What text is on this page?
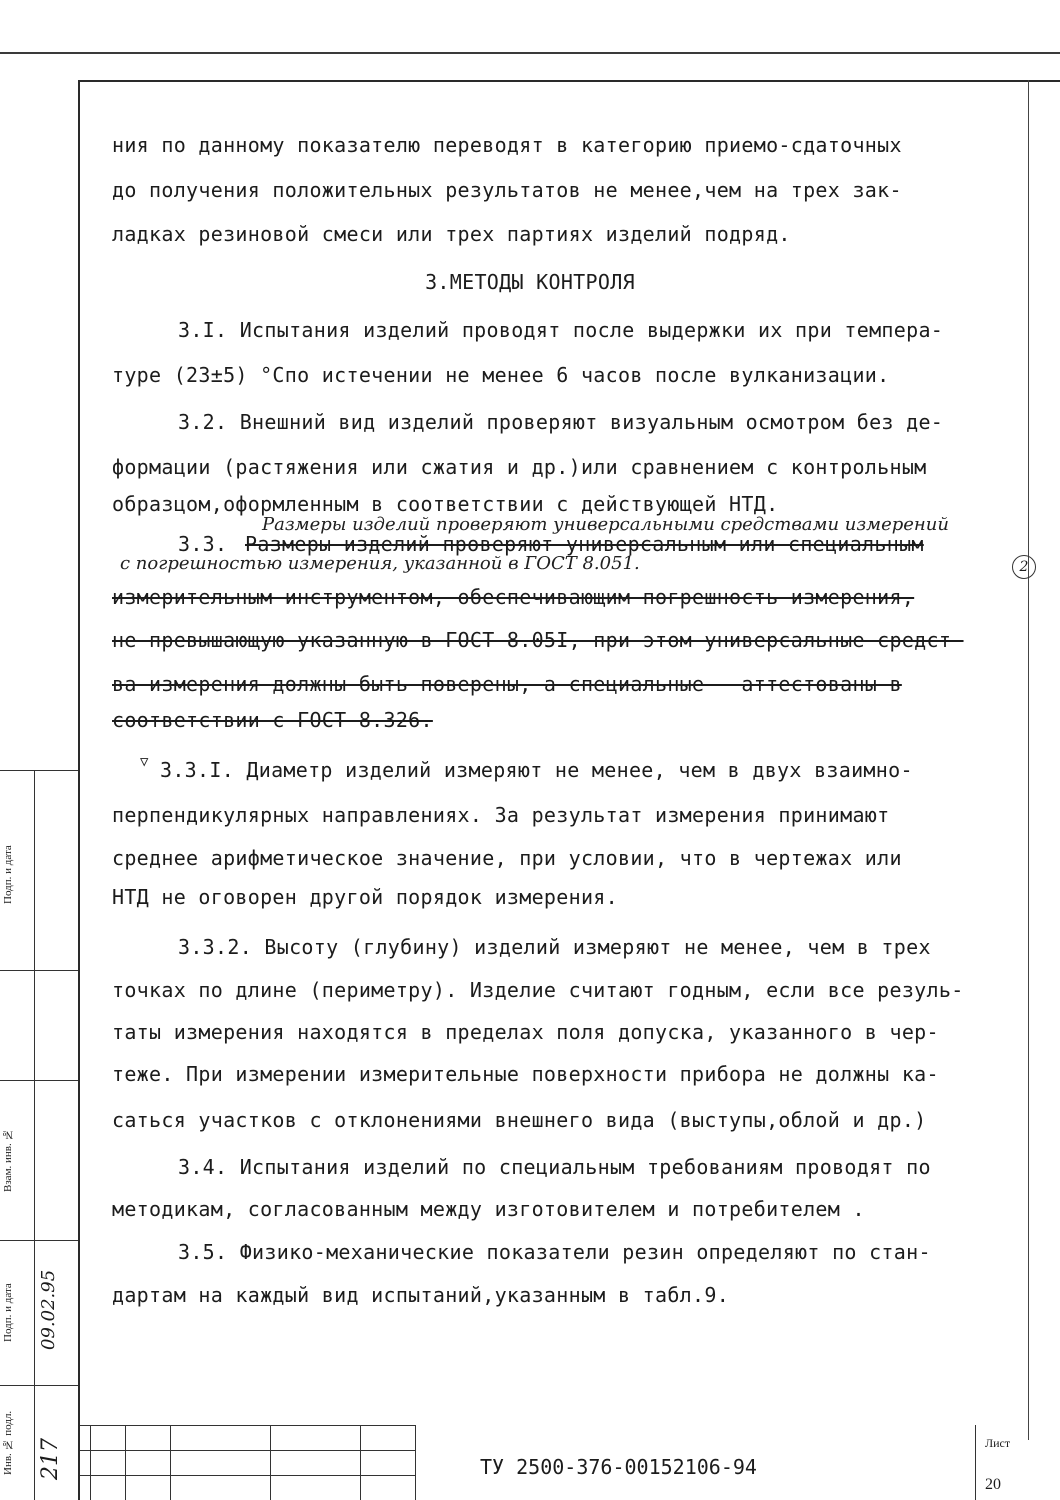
ния по данному показателю переводят в категорию приемо-сдаточных
до получения положительных результатов не менее,чем на трех зак-
ладках резиновой смеси или трех партиях изделий подряд.
3.МЕТОДЫ КОНТРОЛЯ
3.I. Испытания изделий проводят после выдержки их при темпера-
туре (23±5) °Спо истечении не менее 6 часов после вулканизации.
3.2. Внешний вид изделий проверяют визуальным осмотром без де-
формации (растяжения или сжатия и др.)или сравнением с контрольным
образцом,оформленным в соответствии с действующей НТД.
Размеры изделий проверяют универсальными средствами измерений
3.3. Размеры изделий проверяют универсальным или специальным
с погрешностью измерения, указанной в ГОСТ 8.051.	2
измерительным инструментом, обеспечивающим погрешность измерения,
не превышающую указанную в ГОСТ 8.05I, при этом универсальные средст-
ва измерения должны быть поверены, а специальные - аттестованы в
соответствии с ГОСТ 8.326.
▽ 3.3.I. Диаметр изделий измеряют не менее, чем в двух взаимно-
перпендикулярных направлениях. За результат измерения принимают
среднее арифметическое значение, при условии, что в чертежах или
НТД не оговорен другой порядок измерения.
3.3.2. Высоту (глубину) изделий измеряют не менее, чем в трех
точках по длине (периметру). Изделие считают годным, если все резуль-
таты измерения находятся в пределах поля допуска, указанного в чер-
теже. При измерении измерительные поверхности прибора не должны ка-
саться участков с отклонениями внешнего вида (выступы,облой и др.)
3.4. Испытания изделий по специальным требованиям проводят по
методикам, согласованным между изготовителем и потребителем .
3.5. Физико-механические показатели резин определяют по стан-
дартам на каждый вид испытаний,указанным в табл.9.
Подп. и дата
Взам. инв. №
Подп. и дата
Инв. № подл.
09.02.95
217	ТУ 2500-376-00152106-94
Лист
20
